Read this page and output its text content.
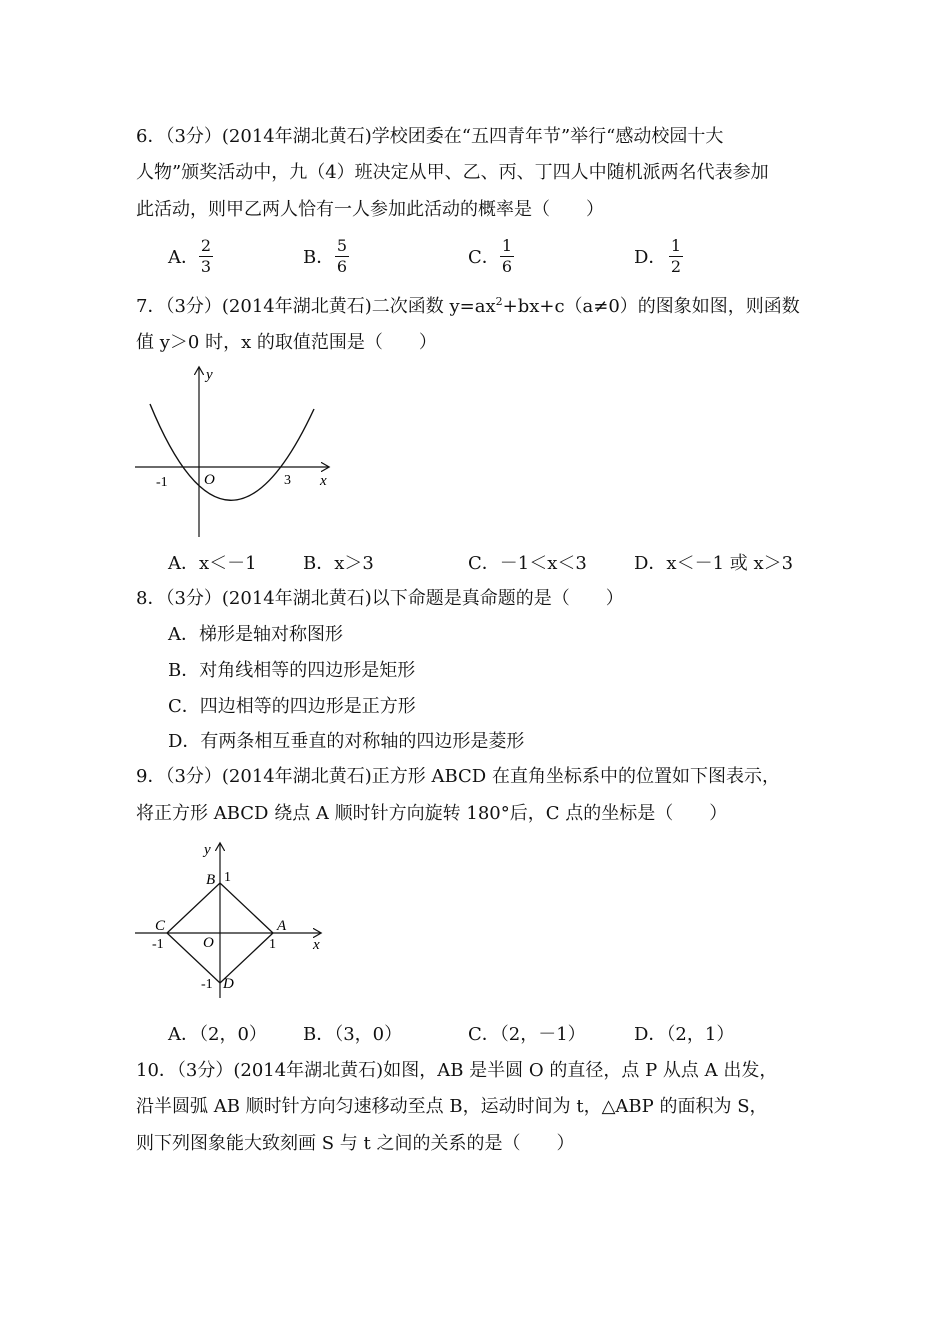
6．（3分）(2014年湖北黄石)学校团委在“五四青年节”举行“感动校园十大
人物”颁奖活动中，九（4）班决定从甲、乙、丙、丁四人中随机派两名代表参加
此活动，则甲乙两人恰有一人参加此活动的概率是（　　）
A．
2
3	B．
5
6	C．
1
6	D．
1
2
7．（3分）(2014年湖北黄石)二次函数 $y=ax^2+bx+c(a\ne 0)$的图象如图，则函数
值 y＞0 时，x 的取值范围是（　　）
y
x
O
-1	3
A．x＜－1	B．x＞3	C．－1＜x＜3	D．x＜－1 或 x＞3
8．（3分）(2014年湖北黄石)以下命题是真命题的是（　　）
A．梯形是轴对称图形
B．对角线相等的四边形是矩形
C．四边相等的四边形是正方形
D．有两条相互垂直的对称轴的四边形是菱形
9．（3分）(2014年湖北黄石)正方形 ABCD 在直角坐标系中的位置如下图表示，
将正方形 ABCD 绕点 A 顺时针方向旋转 180°后，C 点的坐标是（　　）
y
x
O
A
B
C
D
1
-1
1
-1
A．（2，0） B．（3，0）	C．（2，－1）	D．（2，1）
10．（3分）(2014年湖北黄石)如图，AB 是半圆 O 的直径，点 P 从点 A 出发，
沿半圆弧 AB 顺时针方向匀速移动至点 B，运动时间为 t，△ABP 的面积为 S，
则下列图象能大致刻画 S 与 t 之间的关系的是（　　）
